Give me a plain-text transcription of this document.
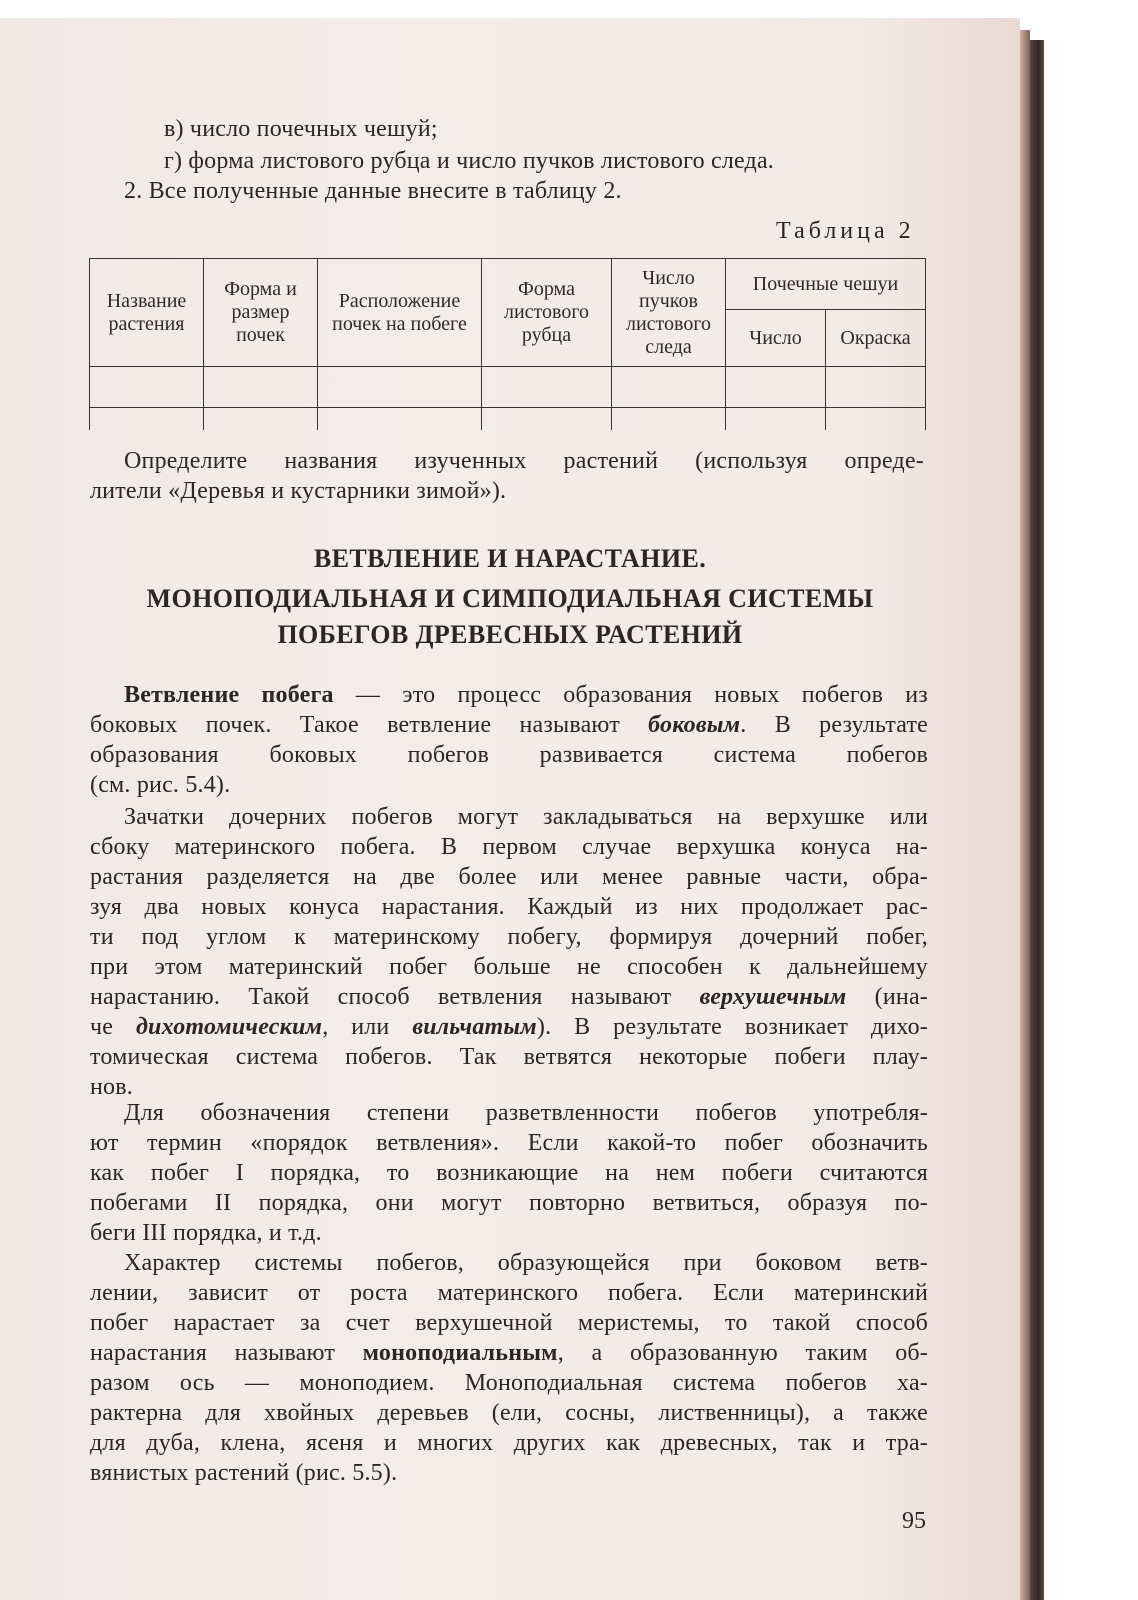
в) число почечных чешуй;
г) форма листового рубца и число пучков листового следа.
2. Все полученные данные внесите в таблицу 2.
Таблица 2
Название растения	Форма и размер почек	Расположение почек на побеге	Форма листового рубца	Число пучков листового следа	Почечные чешуи	
					Число	Окраска

Определите названия изученных растений (используя опреде-
лители «Деревья и кустарники зимой»).
ВЕТВЛЕНИЕ И НАРАСТАНИЕ.
МОНОПОДИАЛЬНАЯ И СИМПОДИАЛЬНАЯ СИСТЕМЫ
ПОБЕГОВ ДРЕВЕСНЫХ РАСТЕНИЙ
Ветвление побега — это процесс образования новых побегов из
боковых почек. Такое ветвление называют боковым. В результате
образования боковых побегов развивается система побегов
(см. рис. 5.4).
Зачатки дочерних побегов могут закладываться на верхушке или
сбоку материнского побега. В первом случае верхушка конуса на-
растания разделяется на две более или менее равные части, обра-
зуя два новых конуса нарастания. Каждый из них продолжает рас-
ти под углом к материнскому побегу, формируя дочерний побег,
при этом материнский побег больше не способен к дальнейшему
нарастанию. Такой способ ветвления называют верхушечным (ина-
че дихотомическим, или вильчатым). В результате возникает дихо-
томическая система побегов. Так ветвятся некоторые побеги плау-
нов.
Для обозначения степени разветвленности побегов употребля-
ют термин «порядок ветвления». Если какой-то побег обозначить
как побег I порядка, то возникающие на нем побеги считаются
побегами II порядка, они могут повторно ветвиться, образуя по-
беги III порядка, и т.д.
Характер системы побегов, образующейся при боковом ветв-
лении, зависит от роста материнского побега. Если материнский
побег нарастает за счет верхушечной меристемы, то такой способ
нарастания называют моноподиальным, а образованную таким об-
разом ось — моноподием. Моноподиальная система побегов ха-
рактерна для хвойных деревьев (ели, сосны, лиственницы), а также
для дуба, клена, ясеня и многих других как древесных, так и тра-
вянистых растений (рис. 5.5).
95
